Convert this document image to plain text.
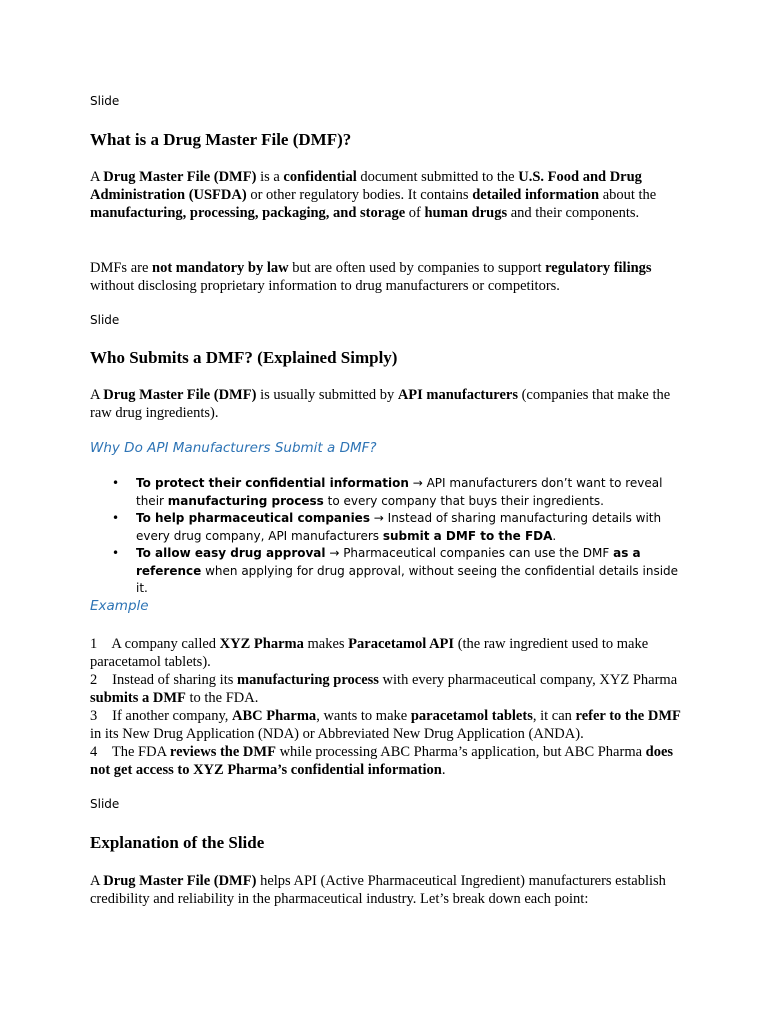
Slide
What is a Drug Master File (DMF)?

A Drug Master File (DMF) is a confidential document submitted to the U.S. Food and Drug Administration (USFDA) or other regulatory bodies. It contains detailed information about the manufacturing, processing, packaging, and storage of human drugs and their components.

DMFs are not mandatory by law but are often used by companies to support regulatory filings without disclosing proprietary information to drug manufacturers or competitors.

Slide
Who Submits a DMF? (Explained Simply)

A Drug Master File (DMF) is usually submitted by API manufacturers (companies that make the raw drug ingredients).

Why Do API Manufacturers Submit a DMF?
• To protect their confidential information → API manufacturers don’t want to reveal their manufacturing process to every company that buys their ingredients.
• To help pharmaceutical companies → Instead of sharing manufacturing details with every drug company, API manufacturers submit a DMF to the FDA.
• To allow easy drug approval → Pharmaceutical companies can use the DMF as a reference when applying for drug approval, without seeing the confidential details inside it.
Example

1⃣ A company called XYZ Pharma makes Paracetamol API (the raw ingredient used to make paracetamol tablets).
2⃣ Instead of sharing its manufacturing process with every pharmaceutical company, XYZ Pharma submits a DMF to the FDA.
3⃣ If another company, ABC Pharma, wants to make paracetamol tablets, it can refer to the DMF in its New Drug Application (NDA) or Abbreviated New Drug Application (ANDA).
4⃣ The FDA reviews the DMF while processing ABC Pharma’s application, but ABC Pharma does not get access to XYZ Pharma’s confidential information.

Slide
Explanation of the Slide

A Drug Master File (DMF) helps API (Active Pharmaceutical Ingredient) manufacturers establish credibility and reliability in the pharmaceutical industry. Let’s break down each point:
